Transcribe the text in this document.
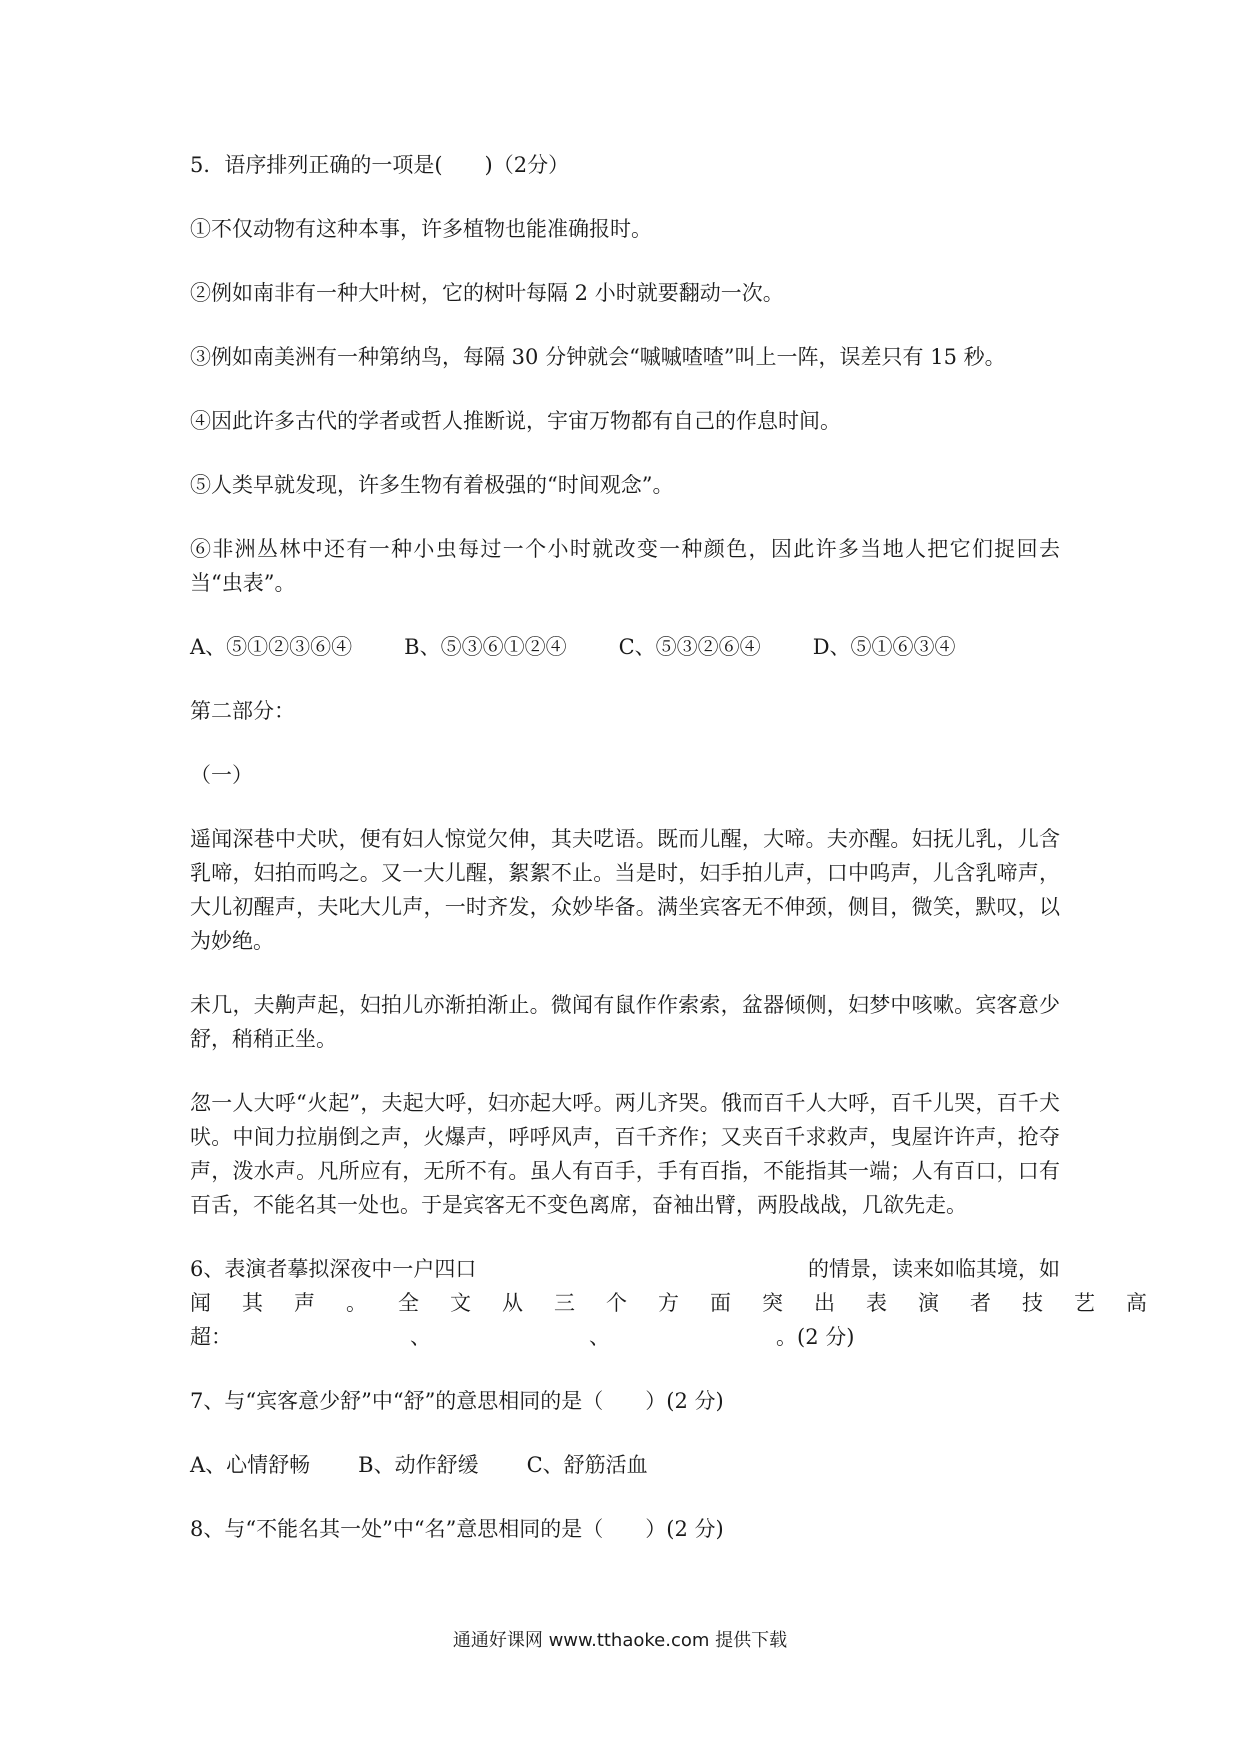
5．语序排列正确的一项是(　　)（2分）
①不仅动物有这种本事，许多植物也能准确报时。
②例如南非有一种大叶树，它的树叶每隔 2 小时就要翻动一次。
③例如南美洲有一种第纳鸟，每隔 30 分钟就会“嘁嘁喳喳”叫上一阵，误差只有 15 秒。
④因此许多古代的学者或哲人推断说，宇宙万物都有自己的作息时间。
⑤人类早就发现，许多生物有着极强的“时间观念”。
⑥非洲丛林中还有一种小虫每过一个小时就改变一种颜色，因此许多当地人把它们捉回去当“虫表”。
A、⑤①②③⑥④ B、⑤③⑥①②④ C、⑤③②⑥④ D、⑤①⑥③④
第二部分：
（一）
遥闻深巷中犬吠，便有妇人惊觉欠伸，其夫呓语。既而儿醒，大啼。夫亦醒。妇抚儿乳，儿含乳啼，妇拍而呜之。又一大儿醒，絮絮不止。当是时，妇手拍儿声，口中呜声，儿含乳啼声，大儿初醒声，夫叱大儿声，一时齐发，众妙毕备。满坐宾客无不伸颈，侧目，微笑，默叹，以为妙绝。
未几，夫齁声起，妇拍儿亦渐拍渐止。微闻有鼠作作索索，盆器倾侧，妇梦中咳嗽。宾客意少舒，稍稍正坐。
忽一人大呼“火起”，夫起大呼，妇亦起大呼。两儿齐哭。俄而百千人大呼，百千儿哭，百千犬吠。中间力拉崩倒之声，火爆声，呼呼风声，百千齐作；又夹百千求救声，曳屋许许声，抢夺声，泼水声。凡所应有，无所不有。虽人有百手，手有百指，不能指其一端；人有百口，口有百舌，不能名其一处也。于是宾客无不变色离席，奋袖出臂，两股战战，几欲先走。
6、表演者摹拟深夜中一户四口	的情景，读来如临其境，如
闻其声。全文从三个方面突出表演者技艺高
超：	、	、	。(2 分)
7、与“宾客意少舒”中“舒”的意思相同的是（　　）(2 分)
A、心情舒畅 B、动作舒缓 C、舒筋活血
8、与“不能名其一处”中“名”意思相同的是（　　）(2 分)
通通好课网 www.tthaoke.com 提供下载
